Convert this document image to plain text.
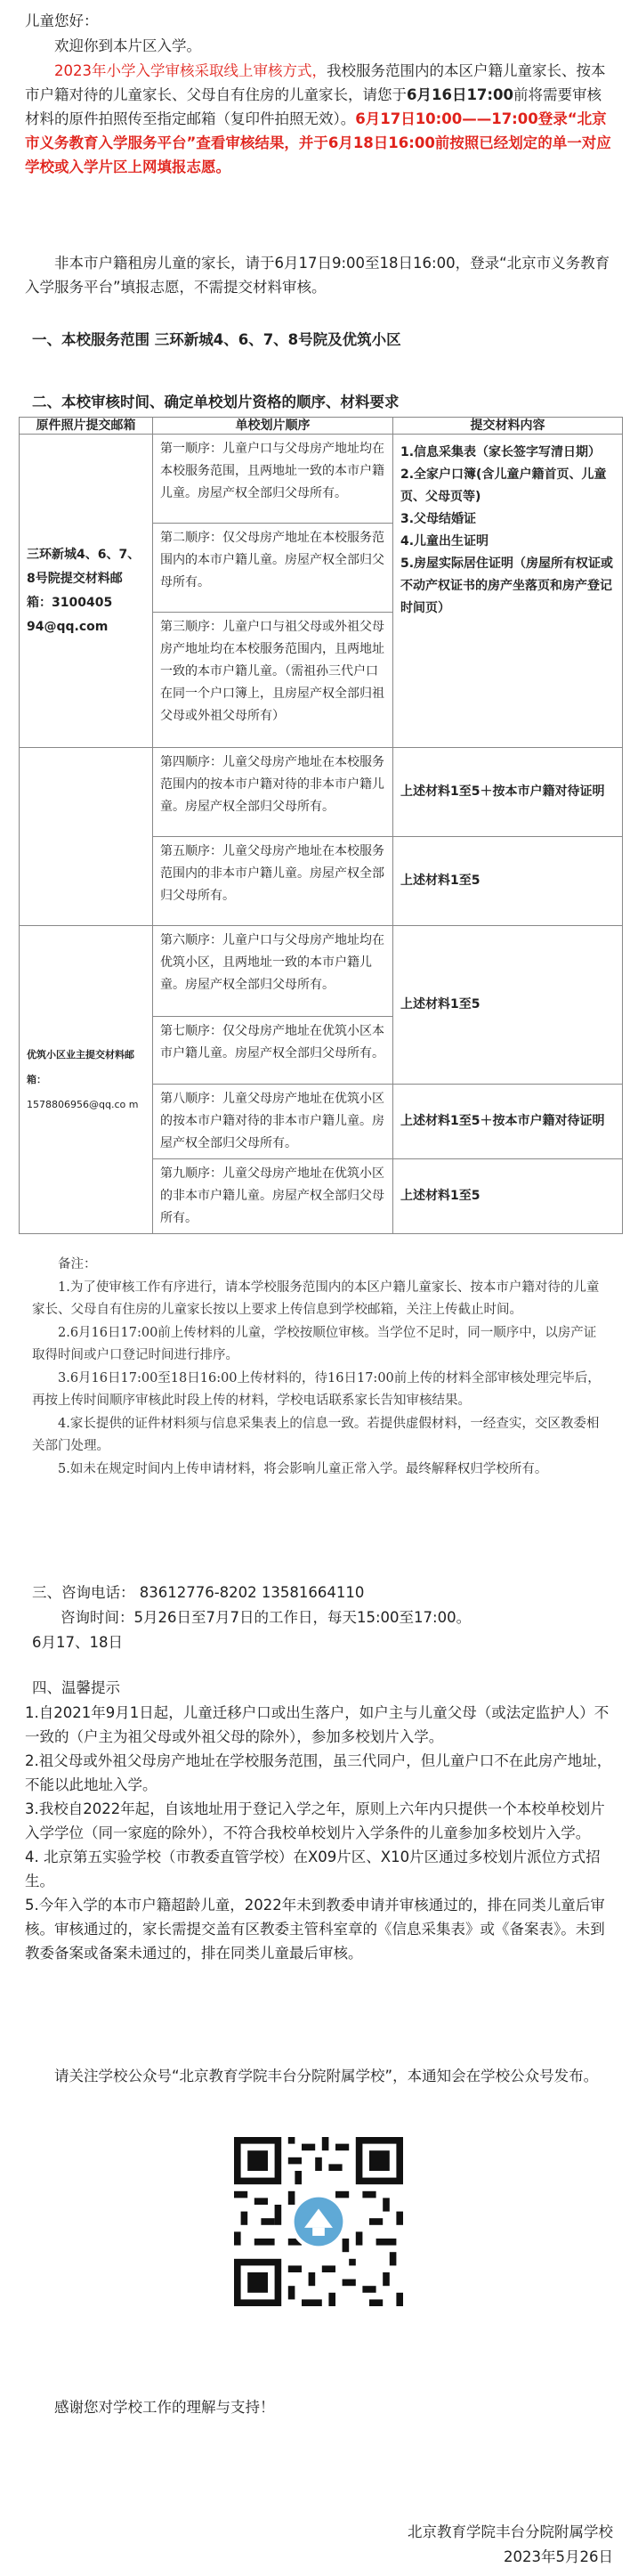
儿童您好：
欢迎你到本片区入学。
2023年小学入学审核采取线上审核方式，我校服务范围内的本区户籍儿童家长、按本市户籍对待的儿童家长、父母自有住房的儿童家长，请您于6月16日17:00前将需要审核材料的原件拍照传至指定邮箱（复印件拍照无效）。6月17日10:00——17:00登录“北京市义务教育入学服务平台”查看审核结果，并于6月18日16:00前按照已经划定的单一对应学校或入学片区上网填报志愿。
非本市户籍租房儿童的家长，请于6月17日9:00至18日16:00，登录“北京市义务教育入学服务平台”填报志愿，不需提交材料审核。
一、本校服务范围 三环新城4、6、7、8号院及优筑小区
二、本校审核时间、确定单校划片资格的顺序、材料要求
原件照片提交邮箱	单校划片顺序	提交材料内容
三环新城4、6、7、8号院提交材料邮箱：3100405 94@qq.com	第一顺序：儿童户口与父母房产地址均在本校服务范围，且两地址一致的本市户籍儿童。房屋产权全部归父母所有。	1.信息采集表（家长签字写清日期）
2.全家户口簿(含儿童户籍首页、儿童页、父母页等)
3.父母结婚证
4.儿童出生证明
5.房屋实际居住证明（房屋所有权证或不动产权证书的房产坐落页和房产登记时间页）

	第二顺序：仅父母房产地址在本校服务范围内的本市户籍儿童。房屋产权全部归父母所有。	
	第三顺序：儿童户口与祖父母或外祖父母房产地址均在本校服务范围内，且两地址一致的本市户籍儿童。（需祖孙三代户口在同一个户口簿上，且房屋产权全部归祖父母或外祖父母所有）	
	第四顺序：儿童父母房产地址在本校服务范围内的按本市户籍对待的非本市户籍儿童。房屋产权全部归父母所有。	上述材料1至5＋按本市户籍对待证明
	第五顺序：儿童父母房产地址在本校服务范围内的非本市户籍儿童。房屋产权全部归父母所有。	上述材料1至5

优筑小区业主提交材料邮箱：
1578806956@qq.co m	第六顺序：儿童户口与父母房产地址均在优筑小区，且两地址一致的本市户籍儿童。房屋产权全部归父母所有。	上述材料1至5
	第七顺序：仅父母房产地址在优筑小区本市户籍儿童。房屋产权全部归父母所有。	
	第八顺序：儿童父母房产地址在优筑小区的按本市户籍对待的非本市户籍儿童。房屋产权全部归父母所有。	上述材料1至5＋按本市户籍对待证明
	第九顺序：儿童父母房产地址在优筑小区的非本市户籍儿童。房屋产权全部归父母所有。	上述材料1至5

备注：

1.为了使审核工作有序进行，请本学校服务范围内的本区户籍儿童家长、按本市户籍对待的儿童家长、父母自有住房的儿童家长按以上要求上传信息到学校邮箱，关注上传截止时间。

2.6月16日17:00前上传材料的儿童，学校按顺位审核。当学位不足时，同一顺序中，以房产证取得时间或户口登记时间进行排序。

3.6月16日17:00至18日16:00上传材料的，待16日17:00前上传的材料全部审核处理完毕后，再按上传时间顺序审核此时段上传的材料，学校电话联系家长告知审核结果。

4.家长提供的证件材料须与信息采集表上的信息一致。若提供虚假材料，一经查实，交区教委相关部门处理。

5.如未在规定时间内上传申请材料，将会影响儿童正常入学。最终解释权归学校所有。

三、咨询电话： 83612776-8202 13581664110
咨询时间：5月26日至7月7日的工作日，每天15:00至17:00。
6月17、18日
四、温馨提示
1.自2021年9月1日起，儿童迁移户口或出生落户，如户主与儿童父母（或法定监护人）不一致的（户主为祖父母或外祖父母的除外），参加多校划片入学。
2.祖父母或外祖父母房产地址在学校服务范围，虽三代同户，但儿童户口不在此房产地址，不能以此地址入学。
3.我校自2022年起，自该地址用于登记入学之年，原则上六年内只提供一个本校单校划片入学学位（同一家庭的除外），不符合我校单校划片入学条件的儿童参加多校划片入学。
4. 北京第五实验学校（市教委直管学校）在X09片区、X10片区通过多校划片派位方式招生。
5.今年入学的本市户籍超龄儿童，2022年未到教委申请并审核通过的，排在同类儿童后审核。审核通过的，家长需提交盖有区教委主管科室章的《信息采集表》或《备案表》。未到教委备案或备案未通过的，排在同类儿童最后审核。
请关注学校公众号“北京教育学院丰台分院附属学校”，本通知会在学校公众号发布。
感谢您对学校工作的理解与支持！
北京教育学院丰台分院附属学校
2023年5月26日
